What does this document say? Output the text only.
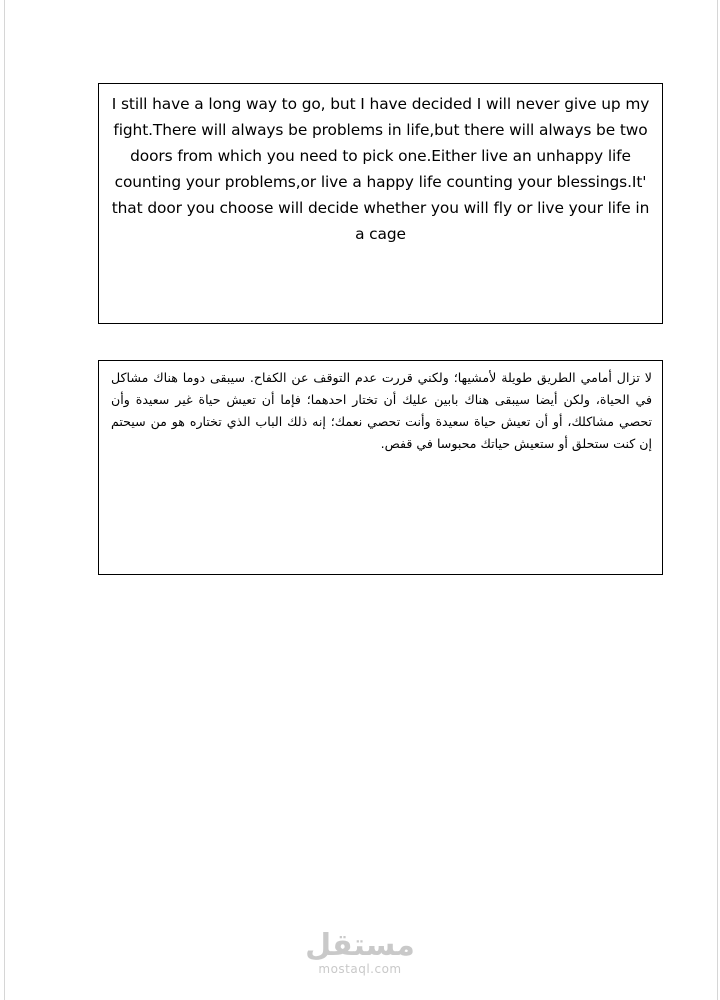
I still have a long way to go, but I have decided I will never give up my fight.There will always be problems in life,but there will always be two doors from which you need to pick one.Either live an unhappy life counting your problems,or live a happy life counting your blessings.It' that door you choose will decide whether you will fly or live your life in a cage

لا تزال أمامي الطريق طويلة لأمشيها؛ ولكني قررت عدم التوقف عن الكفاح. سيبقى دوما هناك مشاكل في الحياة، ولكن أيضا سيبقى هناك بابين عليك أن تختار احدهما؛ فإما أن تعيش حياة غير سعيدة وأن تحصي مشاكلك، أو أن تعيش حياة سعيدة وأنت تحصي نعمك؛ إنه ذلك الباب الذي تختاره هو من سيحتم إن كنت ستحلق أو ستعيش حياتك محبوسا في قفص.

مستقل
mostaql.com
